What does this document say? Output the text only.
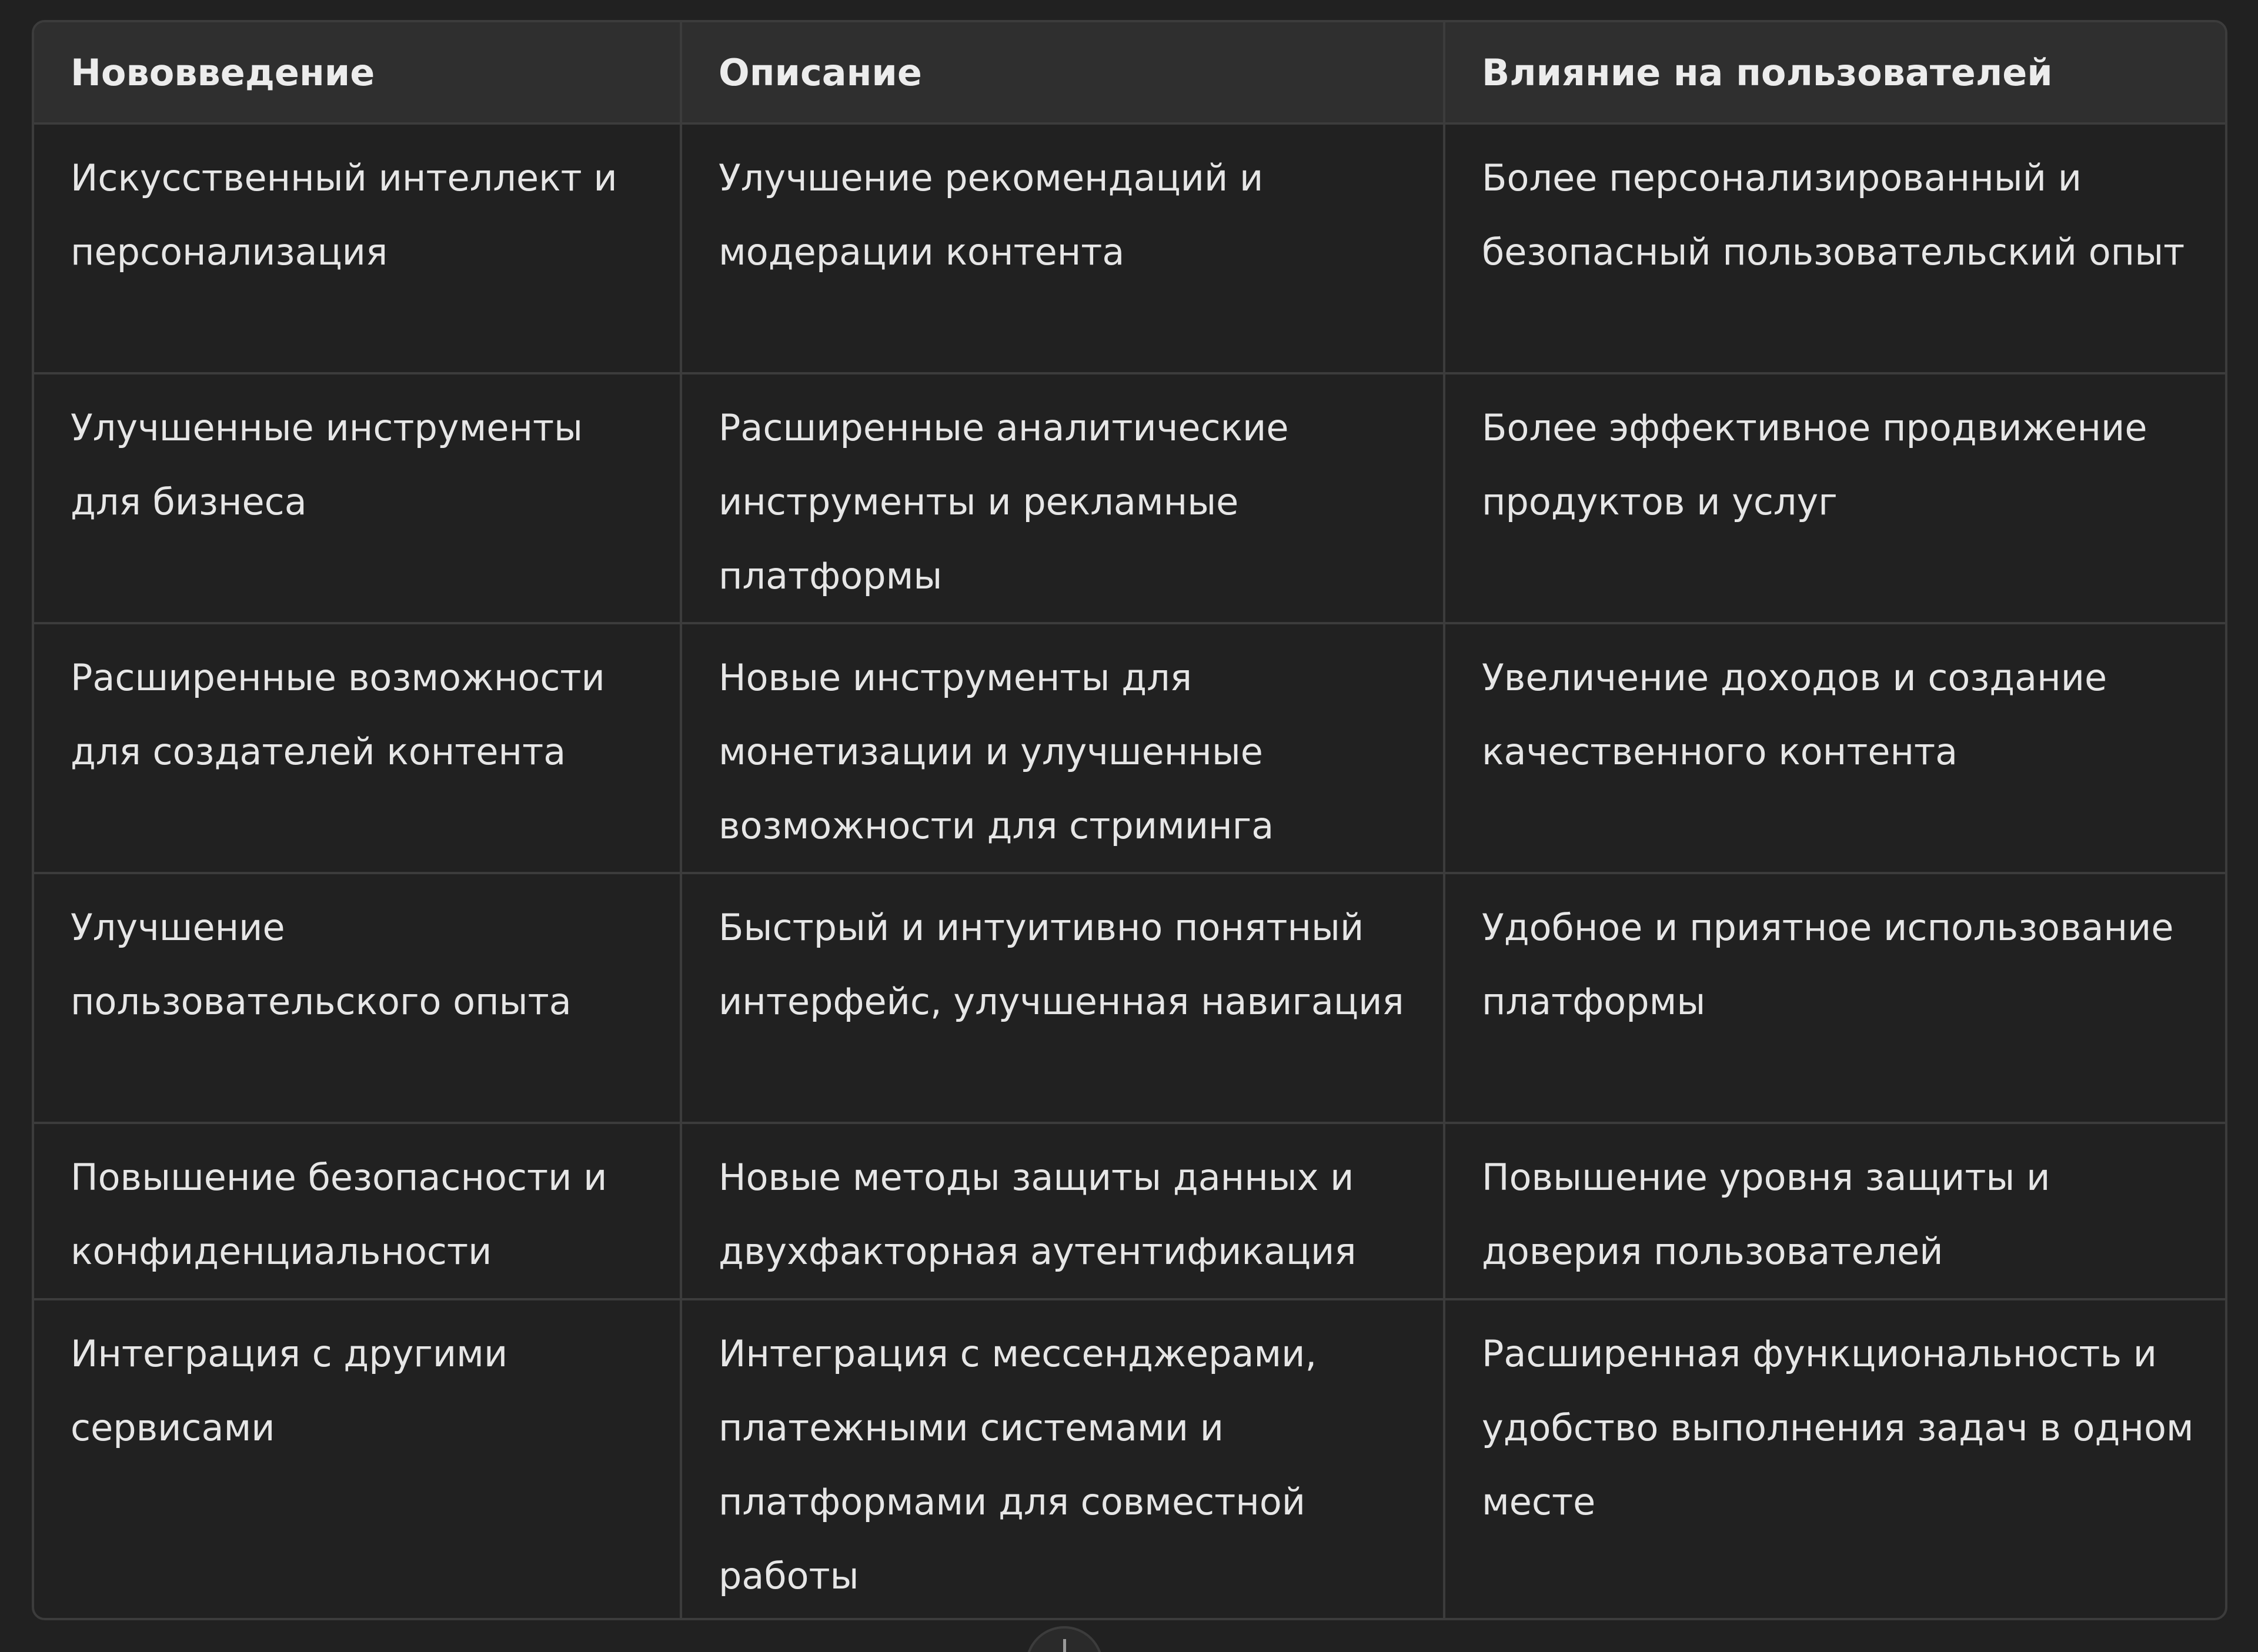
Нововведение	Описание	Влияние на пользователей
Искусственный интеллект и персонализация	Улучшение рекомендаций и модерации контента	Более персонализированный и безопасный пользовательский опыт
Улучшенные инструменты для бизнеса	Расширенные аналитические инструменты и рекламные платформы	Более эффективное продвижение продуктов и услуг
Расширенные возможности для создателей контента	Новые инструменты для монетизации и улучшенные возможности для стриминга	Увеличение доходов и создание качественного контента
Улучшение пользовательского опыта	Быстрый и интуитивно понятный интерфейс, улучшенная навигация	Удобное и приятное использование платформы
Повышение безопасности и конфиденциальности	Новые методы защиты данных и двухфакторная аутентификация	Повышение уровня защиты и доверия пользователей
Интеграция с другими сервисами	Интеграция с мессенджерами, платежными системами и платформами для совместной работы	Расширенная функциональность и удобство выполнения задач в одном месте
